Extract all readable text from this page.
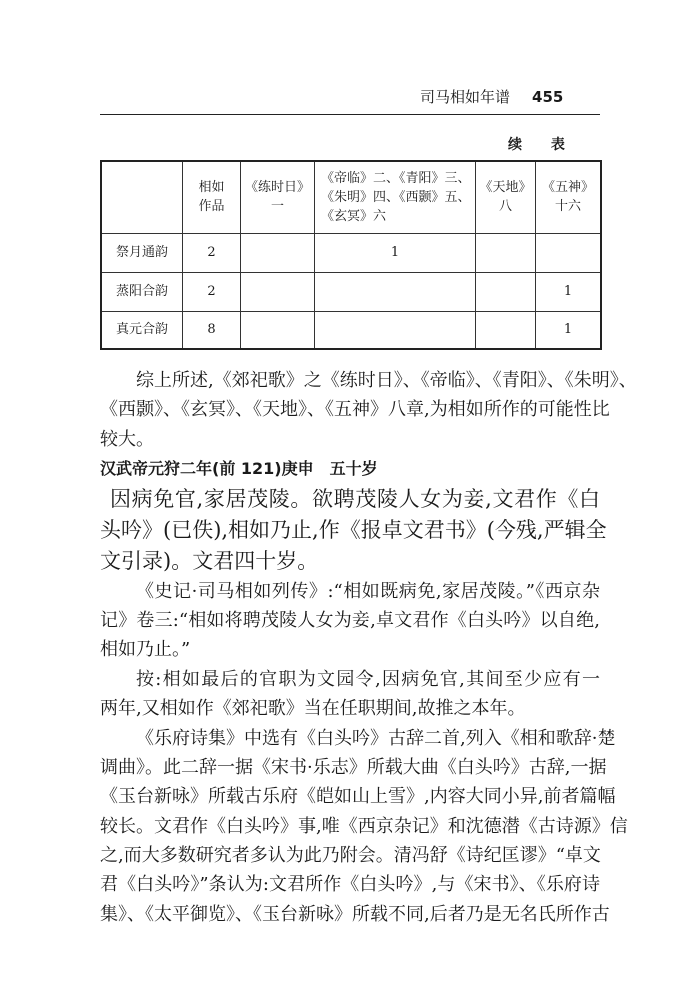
司马相如年谱 455
续 表
	相如作品	《练时日》一	《帝临》二、《青阳》三、
《朱明》四、《西颢》五、
《玄冥》六	《天地》八	《五神》十六
祭月通韵	2		1		
蒸阳合韵	2				1
真元合韵	8				1
综上所述,《郊祀歌》之《练时日》、《帝临》、《青阳》、《朱明》、
《西颢》、《玄冥》、《天地》、《五神》八章,为相如所作的可能性比
较大。
汉武帝元狩二年(前 121)庚申　五十岁
因病免官,家居茂陵。欲聘茂陵人女为妾,文君作《白
头吟》(已佚),相如乃止,作《报卓文君书》(今残,严辑全
文引录)。文君四十岁。
《史记·司马相如列传》:“相如既病免,家居茂陵。”《西京杂
记》卷三:“相如将聘茂陵人女为妾,卓文君作《白头吟》以自绝,
相如乃止。”
按:相如最后的官职为文园令,因病免官,其间至少应有一
两年,又相如作《郊祀歌》当在任职期间,故推之本年。
《乐府诗集》中选有《白头吟》古辞二首,列入《相和歌辞·楚
调曲》。此二辞一据《宋书·乐志》所载大曲《白头吟》古辞,一据
《玉台新咏》所载古乐府《皑如山上雪》,内容大同小异,前者篇幅
较长。文君作《白头吟》事,唯《西京杂记》和沈德潜《古诗源》信
之,而大多数研究者多认为此乃附会。清冯舒《诗纪匡谬》“卓文
君《白头吟》”条认为:文君所作《白头吟》,与《宋书》、《乐府诗
集》、《太平御览》、《玉台新咏》所载不同,后者乃是无名氏所作古
